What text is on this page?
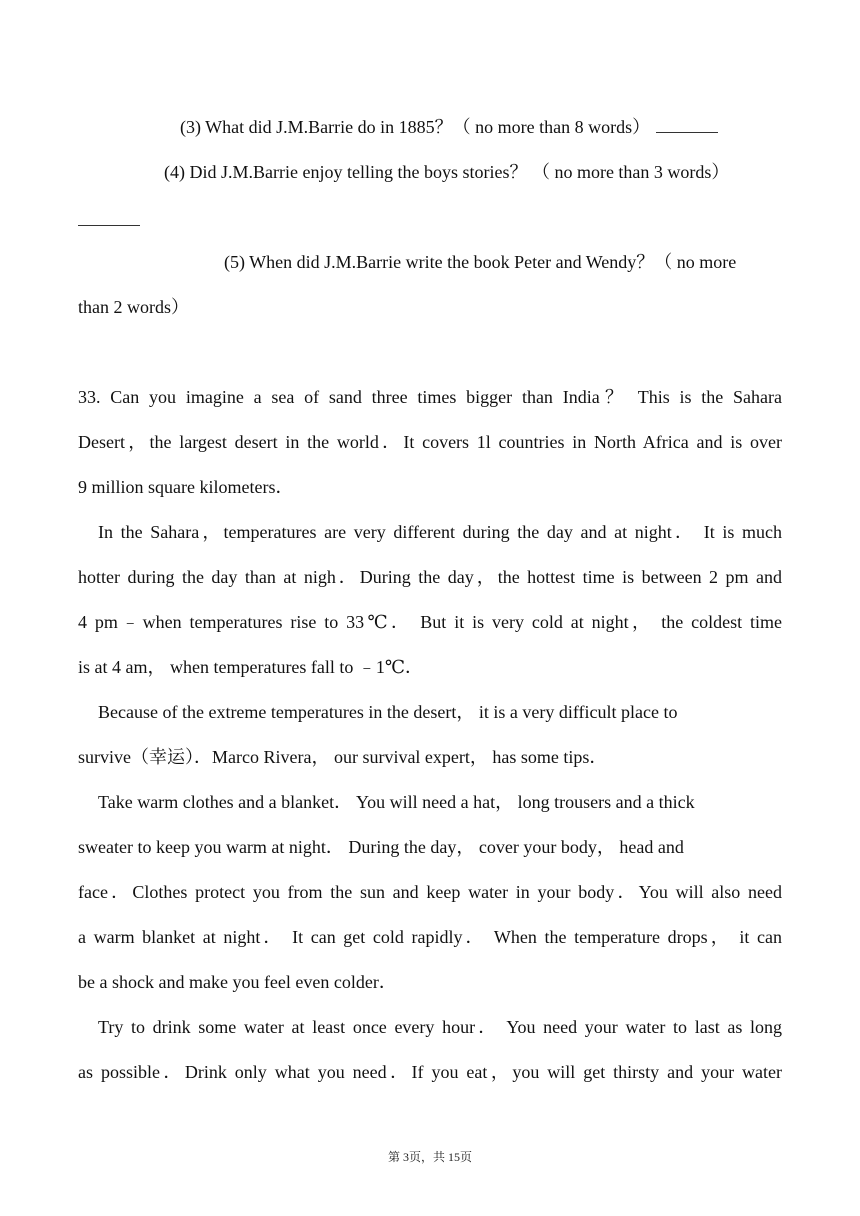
(3) What did J.M.Barrie do in 1885？（ no more than 8 words）
(4) Did J.M.Barrie enjoy telling the boys stories？ （ no more than 3 words）
(5) When did J.M.Barrie write the book Peter and Wendy？（ no more
than 2 words）
33. Can you imagine a sea of sand three times bigger than India？ This is the Sahara
Desert，the largest desert in the world．It covers 1l countries in North Africa and is over
9 million square kilometers．
In the Sahara，temperatures are very different during the day and at night． It is much
hotter during the day than at nigh．During the day，the hottest time is between 2 pm and
4 pm﹣when temperatures rise to 33℃． But it is very cold at night， the coldest time
is at 4 am， when temperatures fall to ﹣1℃．
Because of the extreme temperatures in the desert， it is a very difficult place to
survive（幸运）．Marco Rivera， our survival expert， has some tips．
Take warm clothes and a blanket． You will need a hat， long trousers and a thick
sweater to keep you warm at night． During the day， cover your body， head and
face．Clothes protect you from the sun and keep water in your body．You will also need
a warm blanket at night． It can get cold rapidly． When the temperature drops， it can
be a shock and make you feel even colder．
Try to drink some water at least once every hour． You need your water to last as long
as possible．Drink only what you need．If you eat，you will get thirsty and your water
第 3页，共 15页
